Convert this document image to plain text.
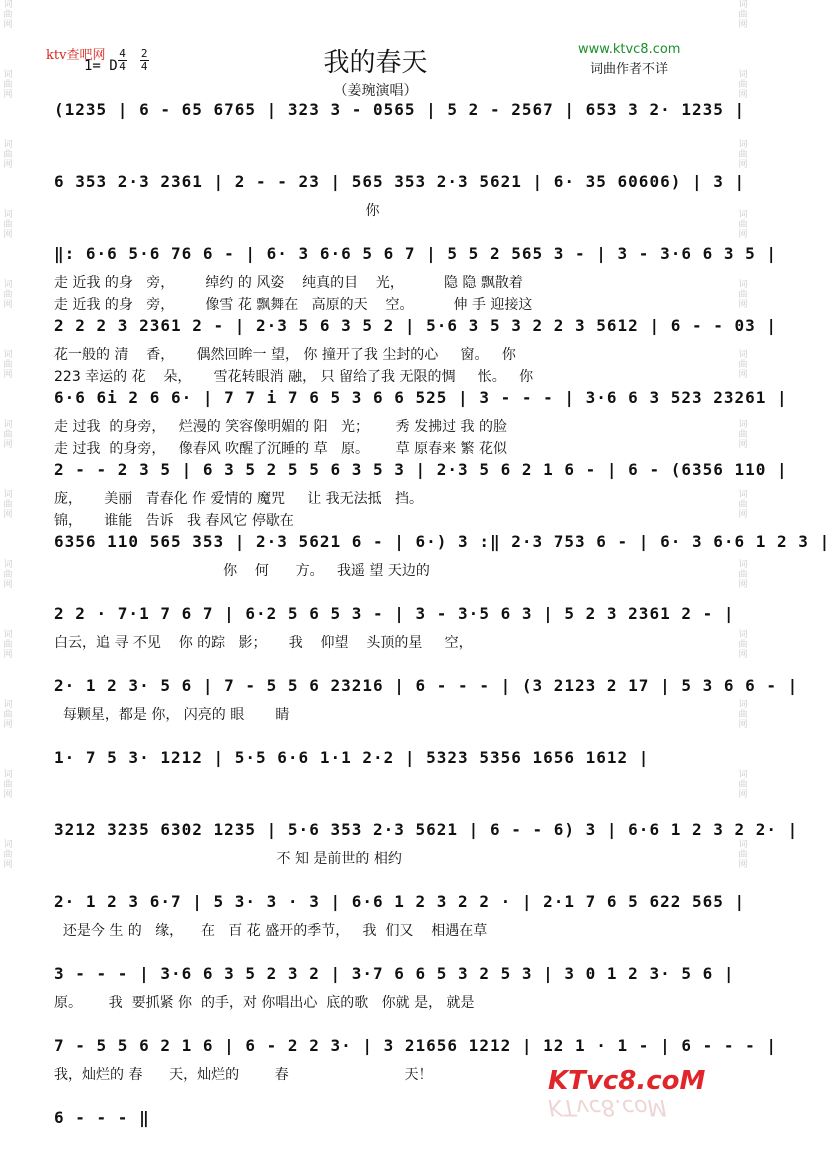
词
曲
网
词
曲
网
词
曲
网
词
曲
网
词
曲
网
词
曲
网
词
曲
网
词
曲
网
词
曲
网
词
曲
网
词
曲
网
词
曲
网
词
曲
网
词
曲
网
词
曲
网
词
曲
网
词
曲
网
词
曲
网
词
曲
网
词
曲
网
词
曲
网
词
曲
网
词
曲
网
词
曲
网
词
曲
网
词
曲
网
ktv查吧网
1= D $\frac{4}{4} \frac{2}{4}$	我的春天
（姜琬演唱）
www.ktvc8.com
词曲作者不详
(1235 | 6 - 65 6765 | 323 3 - 0565 | 5 2 - 2567 | 653 3 2· 1235 |
6 353 2·3 2361 | 2 - - 23 | 565 353 2·3 5621 | 6· 35 60606) | 3 |
你
‖: 6·6 5·6 76 6 - | 6· 3 6·6 5 6 7 | 5 5 2 565 3 - | 3 - 3·6 6 3 5 |
走 近我 的身   旁，       绰约 的 风姿    纯真的目    光，         隐 隐 飘散着
走 近我 的身   旁，       像雪 花 飘舞在   高原的天    空。         伸 手 迎接这
2 2 2 3 2361 2 - | 2·3 5 6 3 5 2 | 5·6 3 5 3 2 2 3 5612 | 6 - - 03 |
花一般的 清    香，     偶然回眸一 望， 你 撞开了我 尘封的心     窗。   你
223 幸运的 花    朵，     雪花转眼消 融， 只 留给了我 无限的惆     怅。   你
6·6 6i 2 6 6· | 7 7 i 7 6 5 3 6 6 525 | 3 - - - | 3·6 6 3 523 23261 |
走 过我  的身旁，   烂漫的 笑容像明媚的 阳   光；      秀 发拂过 我 的脸
走 过我  的身旁，   像春风 吹醒了沉睡的 草   原。      草 原春来 繁 花似
2 - - 2 3 5 | 6 3 5 2 5 5 6 3 5 3 | 2·3 5 6 2 1 6 - | 6 - (6356 110 |
庞，     美丽   青春化 作 爱情的 魔咒     让 我无法抵   挡。
锦，     谁能   告诉   我 春风它 停歇在
6356 110 565 353 | 2·3 5621 6 - | 6·) 3 :‖ 2·3 753 6 - | 6· 3 6·6 1 2 3 |
你    何      方。   我遥 望 天边的
2 2 · 7·1 7 6 7 | 6·2 5 6 5 3 - | 3 - 3·5 6 3 | 5 2 3 2361 2 - |
白云，追 寻 不见    你 的踪   影；     我    仰望    头顶的星     空，
2· 1 2 3· 5 6 | 7 - 5 5 6 23216 | 6 - - - | (3 2123 2 17 | 5 3 6 6 - |
每颗星，都是 你， 闪亮的 眼       睛
1· 7 5 3· 1212 | 5·5 6·6 1·1 2·2 | 5323 5356 1656 1612 |
3212 3235 6302 1235 | 5·6 353 2·3 5621 | 6 - - 6) 3 | 6·6 1 2 3 2 2· |
不 知 是前世的 相约
2· 1 2 3 6·7 | 5 3· 3 · 3 | 6·6 1 2 3 2 2 · | 2·1 7 6 5 622 565 |
还是今 生 的   缘，    在   百 花 盛开的季节，   我  们又    相遇在草
3 - - - | 3·6 6 3 5 2 3 2 | 3·7 6 6 5 3 2 5 3 | 3 0 1 2 3· 5 6 |
原。      我  要抓紧 你  的手，对 你唱出心  底的歌   你就 是， 就是
7 - 5 5 6 2 1 6 | 6 - 2 2 3· | 3 21656 1212 | 12 1 · 1 - | 6 - - - |
我，灿烂的 春      天，灿烂的        春                          天！
6 - - - ‖
KTvc8.coM
KTvc8.coM
